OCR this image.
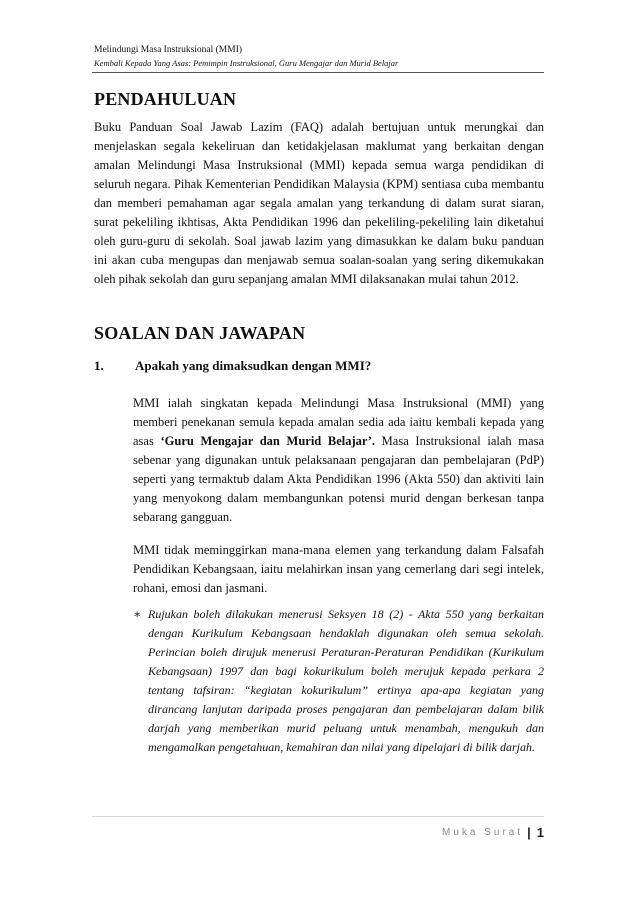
Melindungi Masa Instruksional (MMI)
Kembali Kepada Yang Asas: Pemimpin Instruksional, Guru Mengajar dan Murid Belajar
PENDAHULUAN
Buku Panduan Soal Jawab Lazim (FAQ) adalah bertujuan untuk merungkai dan menjelaskan segala kekeliruan dan ketidakjelasan maklumat yang berkaitan dengan amalan Melindungi Masa Instruksional (MMI) kepada semua warga pendidikan di seluruh negara. Pihak Kementerian Pendidikan Malaysia (KPM) sentiasa cuba membantu dan memberi pemahaman agar segala amalan yang terkandung di dalam surat siaran, surat pekeliling ikhtisas, Akta Pendidikan 1996 dan pekeliling-pekeliling lain diketahui oleh guru-guru di sekolah. Soal jawab lazim yang dimasukkan ke dalam buku panduan ini akan cuba mengupas dan menjawab semua soalan-soalan yang sering dikemukakan oleh pihak sekolah dan guru sepanjang amalan MMI dilaksanakan mulai tahun 2012.
SOALAN DAN JAWAPAN
1. Apakah yang dimaksudkan dengan MMI?
MMI ialah singkatan kepada Melindungi Masa Instruksional (MMI) yang memberi penekanan semula kepada amalan sedia ada iaitu kembali kepada yang asas ‘Guru Mengajar dan Murid Belajar’. Masa Instruksional ialah masa sebenar yang digunakan untuk pelaksanaan pengajaran dan pembelajaran (PdP) seperti yang termaktub dalam Akta Pendidikan 1996 (Akta 550) dan aktiviti lain yang menyokong dalam membangunkan potensi murid dengan berkesan tanpa sebarang gangguan.
MMI tidak meminggirkan mana-mana elemen yang terkandung dalam Falsafah Pendidikan Kebangsaan, iaitu melahirkan insan yang cemerlang dari segi intelek, rohani, emosi dan jasmani.
∗ Rujukan boleh dilakukan menerusi Seksyen 18 (2) - Akta 550 yang berkaitan dengan Kurikulum Kebangsaan hendaklah digunakan oleh semua sekolah. Perincian boleh dirujuk menerusi Peraturan-Peraturan Pendidikan (Kurikulum Kebangsaan) 1997 dan bagi kokurikulum boleh merujuk kepada perkara 2 tentang tafsiran: “kegiatan kokurikulum” ertinya apa-apa kegiatan yang dirancang lanjutan daripada proses pengajaran dan pembelajaran dalam bilik darjah yang memberikan murid peluang untuk menambah, mengukuh dan mengamalkan pengetahuan, kemahiran dan nilai yang dipelajari di bilik darjah.
Muka Surat | 1
